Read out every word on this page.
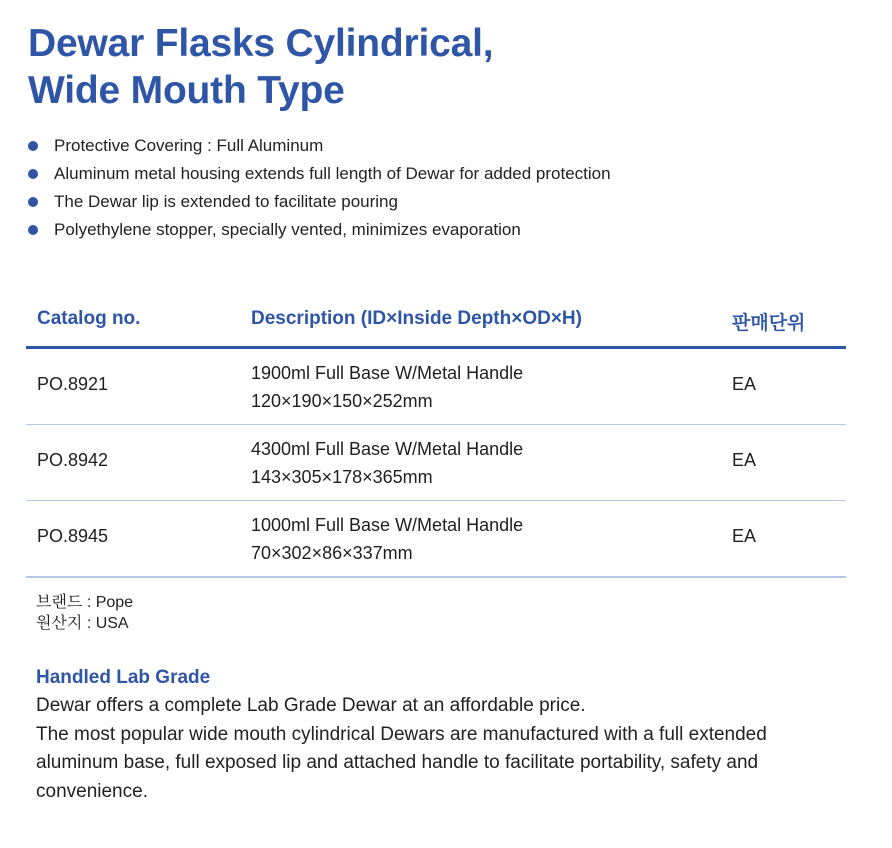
Dewar Flasks Cylindrical,
Wide Mouth Type
Protective Covering : Full Aluminum
Aluminum metal housing extends full length of Dewar for added protection
The Dewar lip is extended to facilitate pouring
Polyethylene stopper, specially vented, minimizes evaporation
Catalog no.	Description (ID×Inside Depth×OD×H)	판매단위
PO.8921
1900ml Full Base W/Metal Handle
120×190×150×252mm
EA
PO.8942
4300ml Full Base W/Metal Handle
143×305×178×365mm
EA
PO.8945
1000ml Full Base W/Metal Handle
70×302×86×337mm
EA
브랜드 : Pope
원산지 : USA
Handled Lab Grade
Dewar offers a complete Lab Grade Dewar at an affordable price.
The most popular wide mouth cylindrical Dewars are manufactured with a full extended
aluminum base, full exposed lip and attached handle to facilitate portability, safety and
convenience.
